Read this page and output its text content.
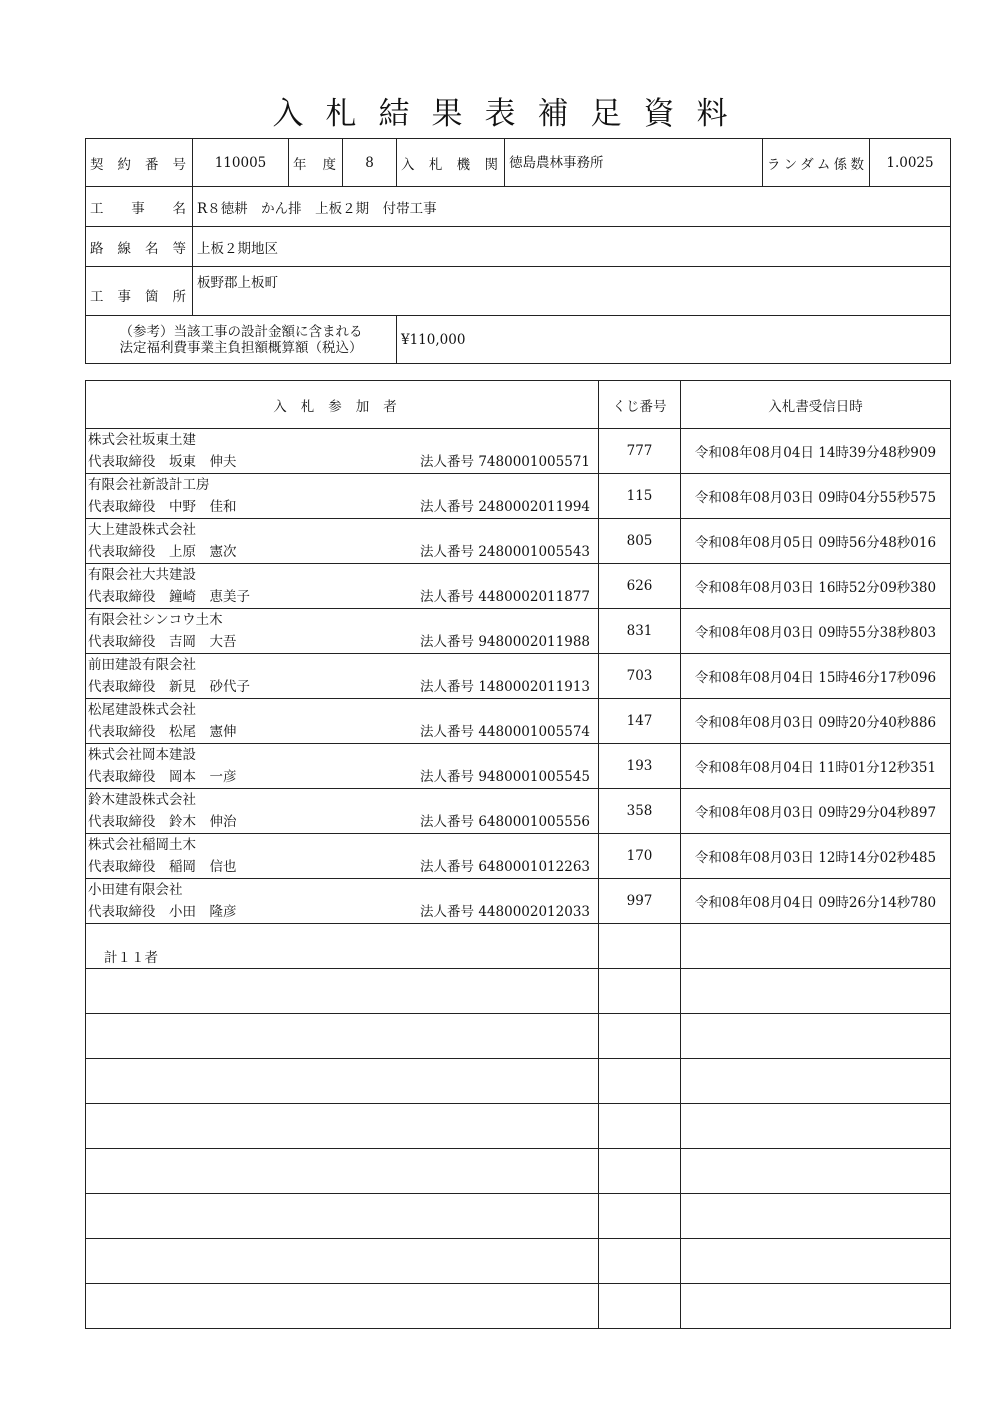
入札結果表補足資料
契約番号	110005	年度	8	入札機関	徳島農林事務所	ランダム係数	1.0025
工事名	R８徳耕　かん排　上板２期　付帯工事						
路線名等	上板２期地区						
工事箇所	板野郡上板町						

（参考）当該工事の設計金額に含まれる
法定福利費事業主負担額概算額（税込）				¥110,000			
入札参加者	くじ番号	入札書受信日時

株式会社坂東土建
代表取締役　坂東　伸夫 法人番号 7480001005571	777	令和08年08月04日 14時39分48秒909

有限会社新設計工房
代表取締役　中野　佳和 法人番号 2480002011994	115	令和08年08月03日 09時04分55秒575

大上建設株式会社
代表取締役　上原　憲次 法人番号 2480001005543	805	令和08年08月05日 09時56分48秒016

有限会社大共建設
代表取締役　鐘崎　恵美子 法人番号 4480002011877	626	令和08年08月03日 16時52分09秒380

有限会社シンコウ土木
代表取締役　吉岡　大吾 法人番号 9480002011988	831	令和08年08月03日 09時55分38秒803

前田建設有限会社
代表取締役　新見　砂代子 法人番号 1480002011913	703	令和08年08月04日 15時46分17秒096

松尾建設株式会社
代表取締役　松尾　憲伸 法人番号 4480001005574	147	令和08年08月03日 09時20分40秒886

株式会社岡本建設
代表取締役　岡本　一彦 法人番号 9480001005545	193	令和08年08月04日 11時01分12秒351

鈴木建設株式会社
代表取締役　鈴木　伸治 法人番号 6480001005556	358	令和08年08月03日 09時29分04秒897

株式会社稲岡土木
代表取締役　稲岡　信也 法人番号 6480001012263	170	令和08年08月03日 12時14分02秒485

小田建有限会社
代表取締役　小田　隆彦 法人番号 4480002012033	997	令和08年08月04日 09時26分14秒780
計１１者		
